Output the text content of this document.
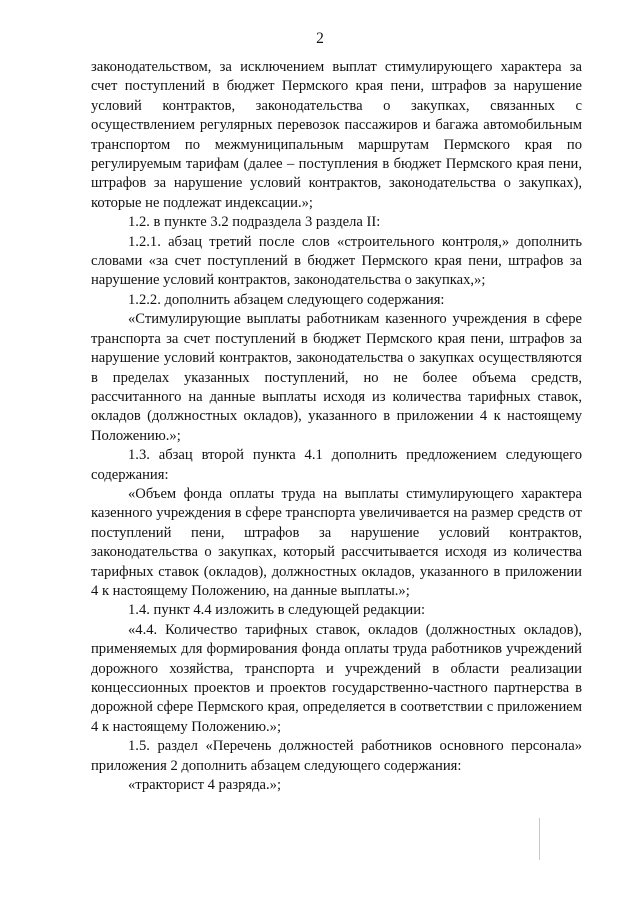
2

законодательством, за исключением выплат стимулирующего характера за счет поступлений в бюджет Пермского края пени, штрафов за нарушение условий контрактов, законодательства о закупках, связанных с осуществлением регулярных перевозок пассажиров и багажа автомобильным транспортом по межмуниципальным маршрутам Пермского края по регулируемым тарифам (далее – поступления в бюджет Пермского края пени, штрафов за нарушение условий контрактов, законодательства о закупках), которые не подлежат индексации.»;

1.2. в пункте 3.2 подраздела 3 раздела II:

1.2.1. абзац третий после слов «строительного контроля,» дополнить словами «за счет поступлений в бюджет Пермского края пени, штрафов за нарушение условий контрактов, законодательства о закупках,»;

1.2.2. дополнить абзацем следующего содержания:

«Стимулирующие выплаты работникам казенного учреждения в сфере транспорта за счет поступлений в бюджет Пермского края пени, штрафов за нарушение условий контрактов, законодательства о закупках осуществляются в пределах указанных поступлений, но не более объема средств, рассчитанного на данные выплаты исходя из количества тарифных ставок, окладов (должностных окладов), указанного в приложении 4 к настоящему Положению.»;

1.3. абзац второй пункта 4.1 дополнить предложением следующего содержания:

«Объем фонда оплаты труда на выплаты стимулирующего характера казенного учреждения в сфере транспорта увеличивается на размер средств от поступлений пени, штрафов за нарушение условий контрактов, законодательства о закупках, который рассчитывается исходя из количества тарифных ставок (окладов), должностных окладов, указанного в приложении 4 к настоящему Положению, на данные выплаты.»;

1.4. пункт 4.4 изложить в следующей редакции:

«4.4. Количество тарифных ставок, окладов (должностных окладов), применяемых для формирования фонда оплаты труда работников учреждений дорожного хозяйства, транспорта и учреждений в области реализации концессионных проектов и проектов государственно-частного партнерства в дорожной сфере Пермского края, определяется в соответствии с приложением 4 к настоящему Положению.»;

1.5. раздел «Перечень должностей работников основного персонала» приложения 2 дополнить абзацем следующего содержания:

«тракторист 4 разряда.»;
